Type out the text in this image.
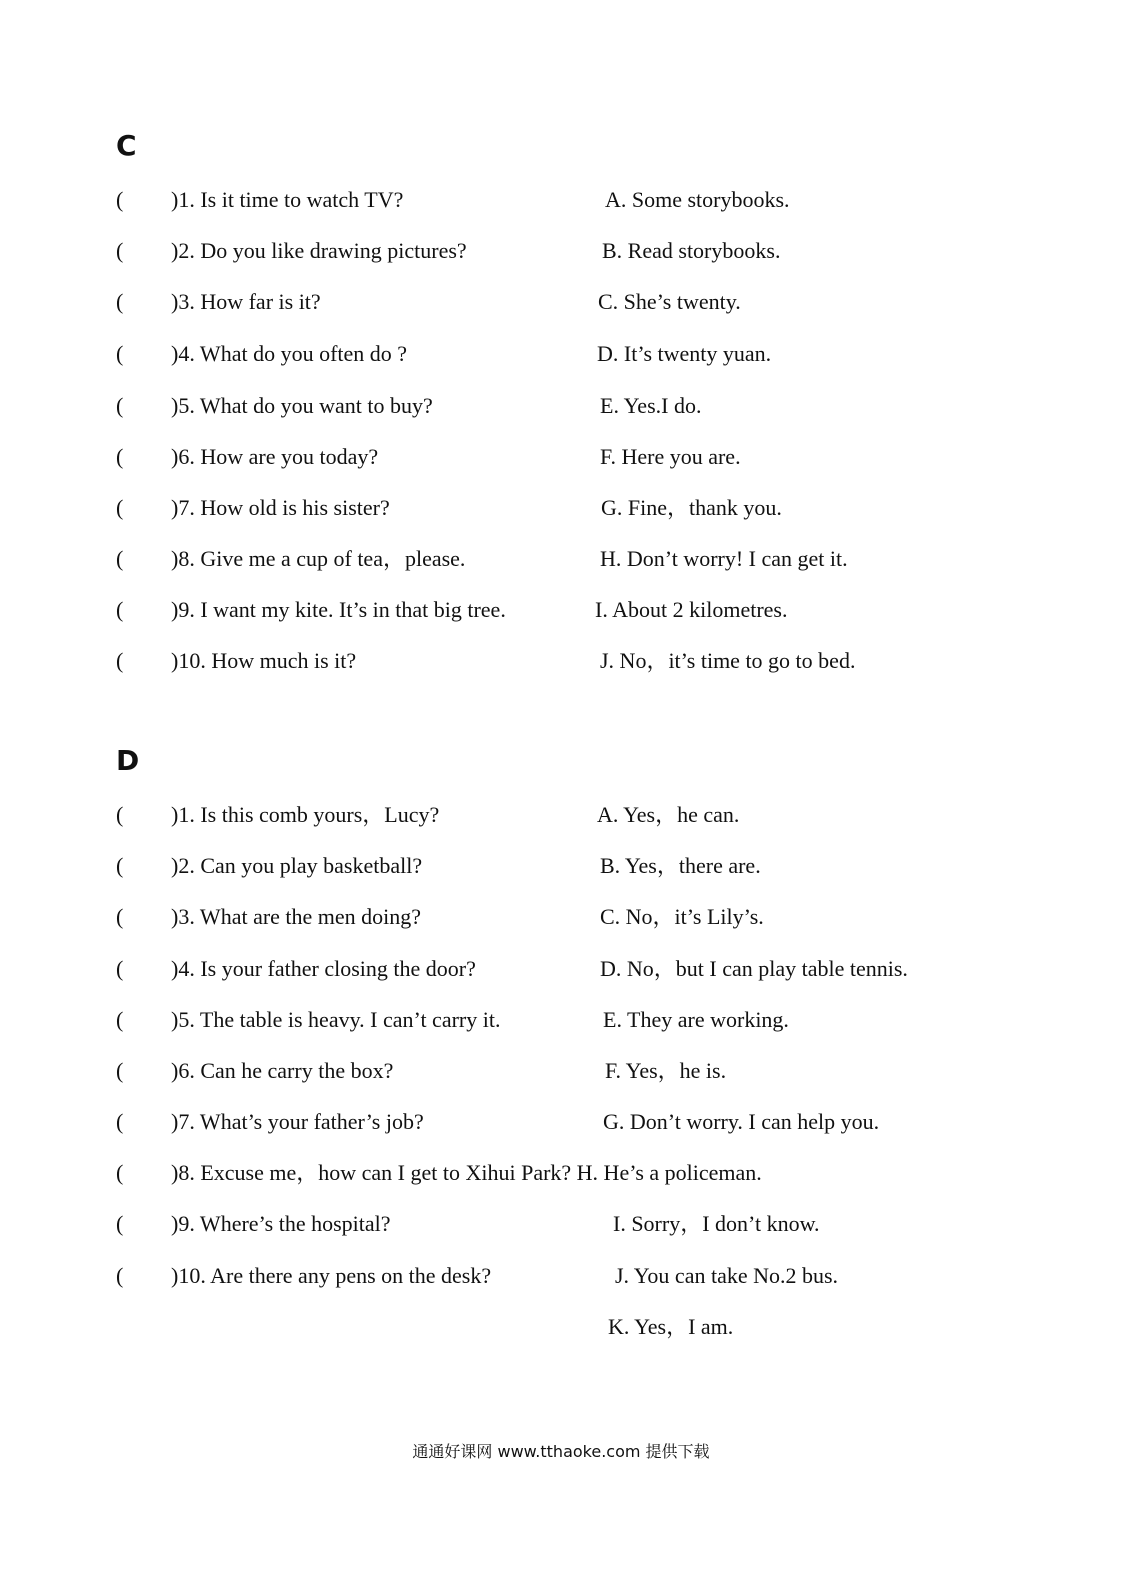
C
( )1. Is it time to watch TV?	A. Some storybooks.
( )2. Do you like drawing pictures?	B. Read storybooks.
( )3. How far is it?	C. She’s twenty.
( )4. What do you often do ?	D. It’s twenty yuan.
( )5. What do you want to buy?	E. Yes.I do.
( )6. How are you today?	F. Here you are.
( )7. How old is his sister?	G. Fine，thank you.
( )8. Give me a cup of tea，please.	H. Don’t worry! I can get it.
( )9. I want my kite. It’s in that big tree.	I. About 2 kilometres.
( )10. How much is it?	J. No，it’s time to go to bed.
D
( )1. Is this comb yours，Lucy?	A. Yes，he can.
( )2. Can you play basketball?	B. Yes，there are.
( )3. What are the men doing?	C. No，it’s Lily’s.
( )4. Is your father closing the door?	D. No，but I can play table tennis.
( )5. The table is heavy. I can’t carry it.	E. They are working.
( )6. Can he carry the box?	F. Yes，he is.
( )7. What’s your father’s job?	G. Don’t worry. I can help you.
( )8. Excuse me，how can I get to Xihui Park? H. He’s a policeman.
( )9. Where’s the hospital?	I. Sorry，I don’t know.
( )10. Are there any pens on the desk?	J. You can take No.2 bus.
K. Yes，I am.
通通好课网 www.tthaoke.com 提供下载
